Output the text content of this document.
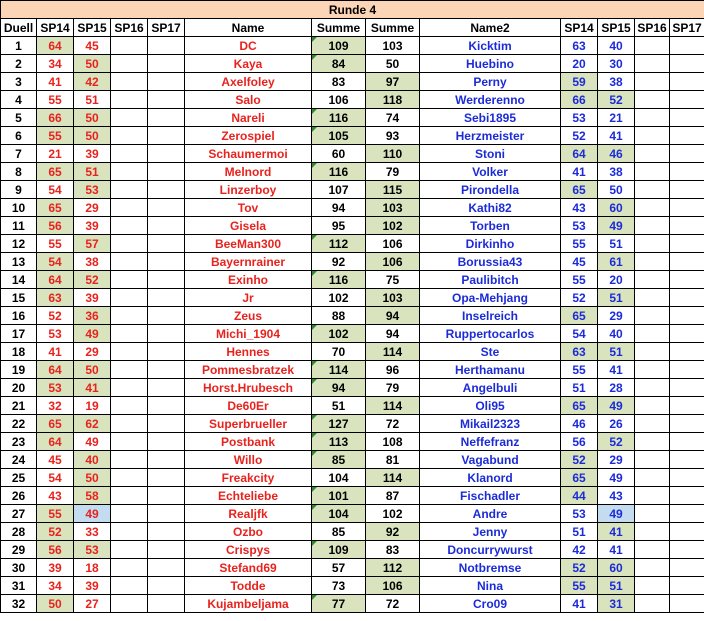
Runde 4												
Duell	SP14	SP15	SP16	SP17	Name	Summe	Summe	Name2	SP14	SP15	SP16	SP17
1	64	45			DC	109	103	Kicktim	63	40		
2	34	50			Kaya	84	50	Huebino	20	30		
3	41	42			Axelfoley	83	97	Perny	59	38		
4	55	51			Salo	106	118	Werderenno	66	52		
5	66	50			Nareli	116	74	Sebi1895	53	21		
6	55	50			Zerospiel	105	93	Herzmeister	52	41		
7	21	39			Schaumermoi	60	110	Stoni	64	46		
8	65	51			Melnord	116	79	Volker	41	38		
9	54	53			Linzerboy	107	115	Pirondella	65	50		
10	65	29			Tov	94	103	Kathi82	43	60		
11	56	39			Gisela	95	102	Torben	53	49		
12	55	57			BeeMan300	112	106	Dirkinho	55	51		
13	54	38			Bayernrainer	92	106	Borussia43	45	61		
14	64	52			Exinho	116	75	Paulibitch	55	20		
15	63	39			Jr	102	103	Opa-Mehjang	52	51		
16	52	36			Zeus	88	94	Inselreich	65	29		
17	53	49			Michi_1904	102	94	Ruppertocarlos	54	40		
18	41	29			Hennes	70	114	Ste	63	51		
19	64	50			Pommesbratzek	114	96	Herthamanu	55	41		
20	53	41			Horst.Hrubesch	94	79	Angelbuli	51	28		
21	32	19			De60Er	51	114	Oli95	65	49		
22	65	62			Superbrueller	127	72	Mikail2323	46	26		
23	64	49			Postbank	113	108	Neffefranz	56	52		
24	45	40			Willo	85	81	Vagabund	52	29		
25	54	50			Freakcity	104	114	Klanord	65	49		
26	43	58			Echteliebe	101	87	Fischadler	44	43		
27	55	49			Realjfk	104	102	Andre	53	49		
28	52	33			Ozbo	85	92	Jenny	51	41		
29	56	53			Crispys	109	83	Doncurrywurst	42	41		
30	39	18			Stefand69	57	112	Notbremse	52	60		
31	34	39			Todde	73	106	Nina	55	51		
32	50	27			Kujambeljama	77	72	Cro09	41	31		
